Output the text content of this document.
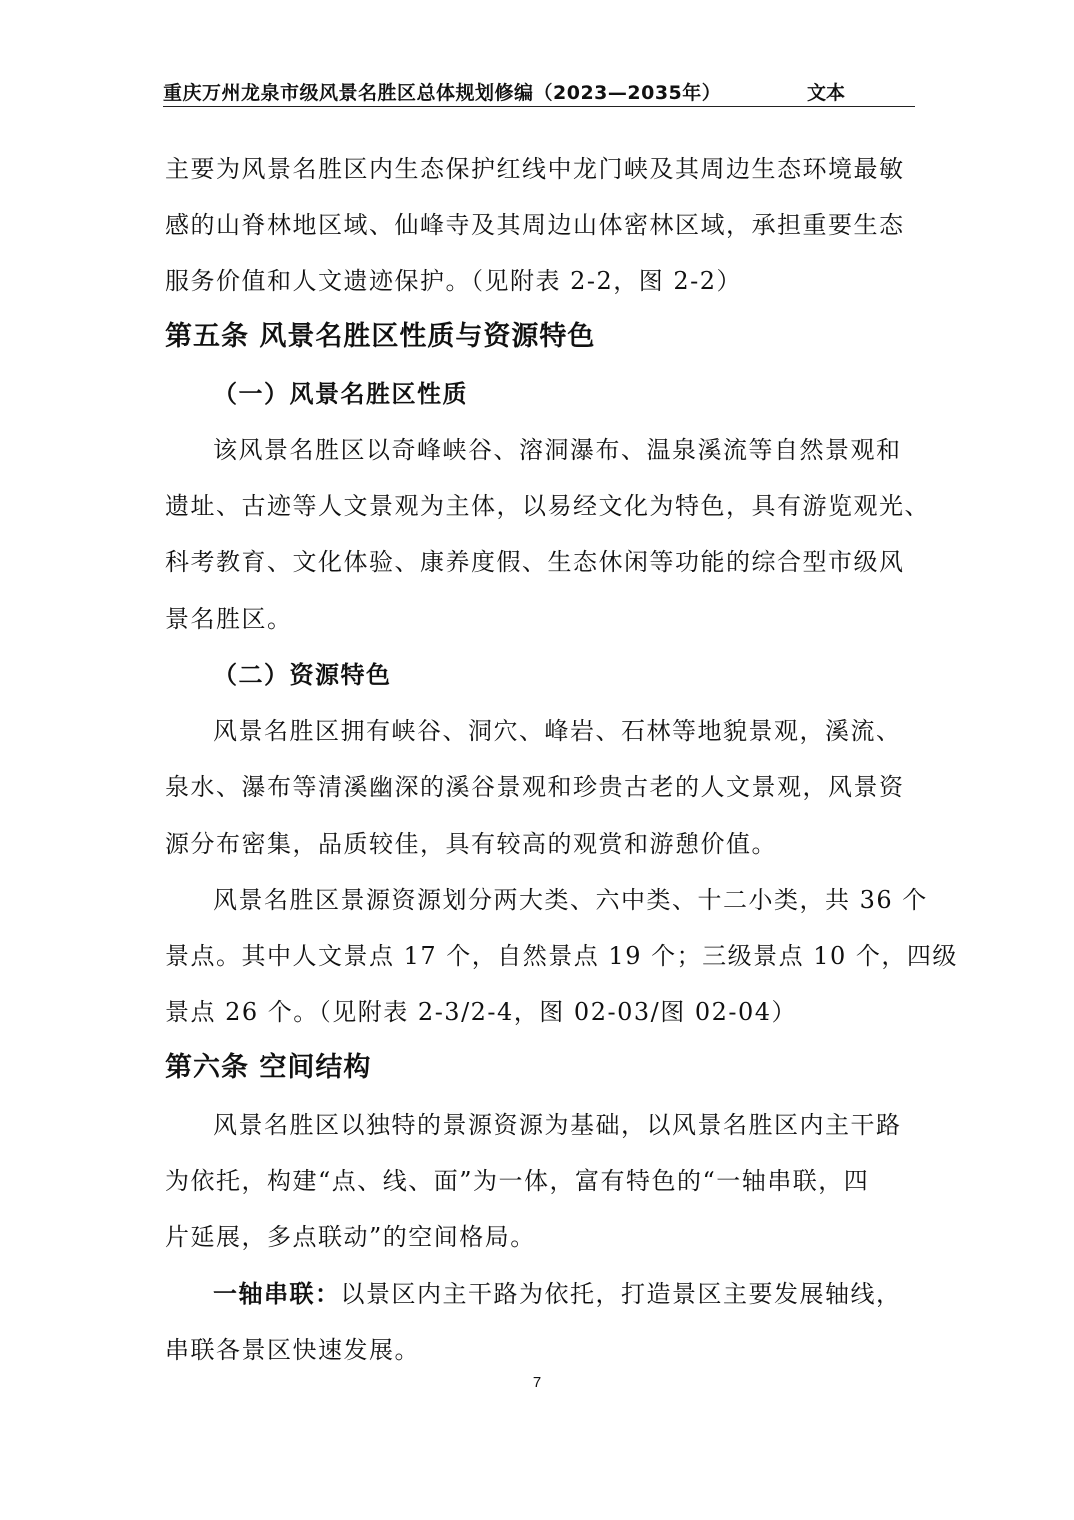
重庆万州龙泉市级风景名胜区总体规划修编（2023—2035年）	文本
主要为风景名胜区内生态保护红线中龙门峡及其周边生态环境最敏
感的山脊林地区域、仙峰寺及其周边山体密林区域，承担重要生态
服务价值和人文遗迹保护。（见附表 2-2，图 2-2）
第五条 风景名胜区性质与资源特色
（一）风景名胜区性质
该风景名胜区以奇峰峡谷、溶洞瀑布、温泉溪流等自然景观和
遗址、古迹等人文景观为主体，以易经文化为特色，具有游览观光、
科考教育、文化体验、康养度假、生态休闲等功能的综合型市级风
景名胜区。
（二）资源特色
风景名胜区拥有峡谷、洞穴、峰岩、石林等地貌景观，溪流、
泉水、瀑布等清溪幽深的溪谷景观和珍贵古老的人文景观，风景资
源分布密集，品质较佳，具有较高的观赏和游憩价值。
风景名胜区景源资源划分两大类、六中类、十二小类，共 36 个
景点。其中人文景点 17 个，自然景点 19 个；三级景点 10 个，四级
景点 26 个。（见附表 2-3/2-4，图 02-03/图 02-04）
第六条 空间结构
风景名胜区以独特的景源资源为基础，以风景名胜区内主干路
为依托，构建“点、线、面”为一体，富有特色的“一轴串联，四
片延展，多点联动”的空间格局。
一轴串联：以景区内主干路为依托，打造景区主要发展轴线，
串联各景区快速发展。
7
